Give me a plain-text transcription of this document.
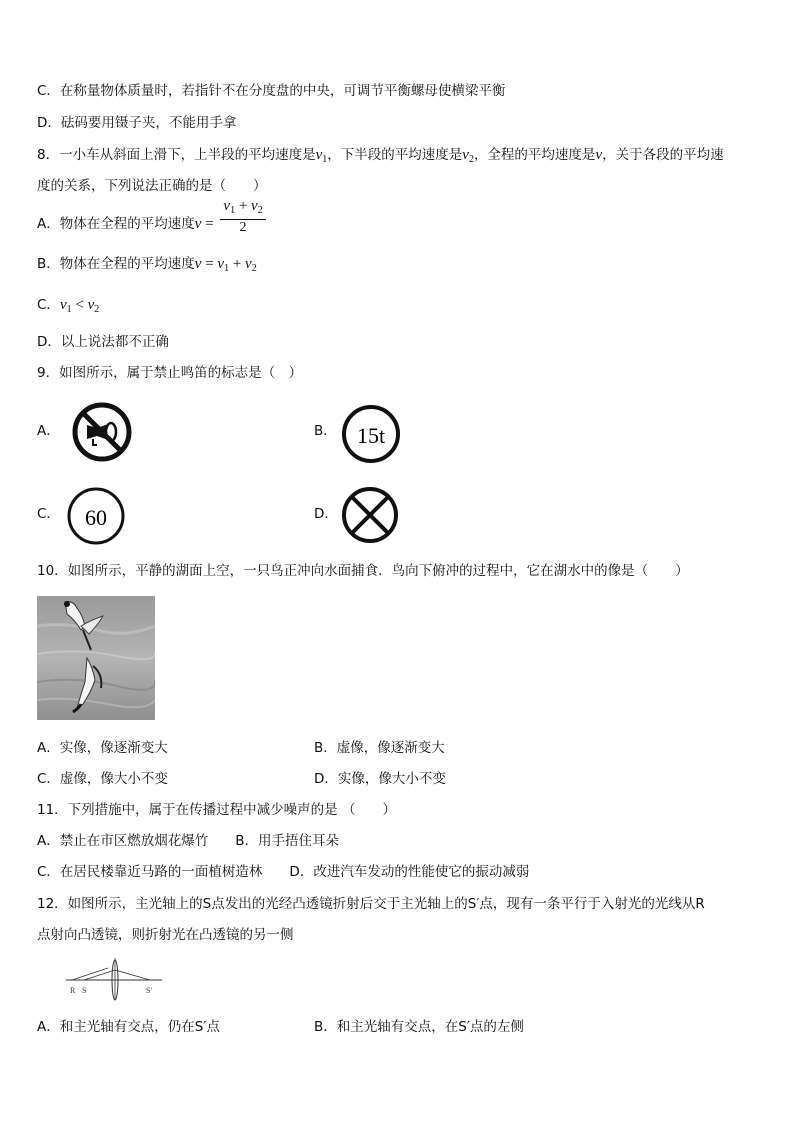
C．在称量物体质量时，若指针不在分度盘的中央，可调节平衡螺母使横梁平衡
D．砝码要用镊子夹，不能用手拿
8．一小车从斜面上滑下，上半段的平均速度是$v_1$，下半段的平均速度是$v_2$，全程的平均速度是v，关于各段的平均速
度的关系，下列说法正确的是（　　）
A．物体在全程的平均速度$v = \frac{v_1 + v_2}{2}$
B．物体在全程的平均速度$v = v_1 + v_2$
C．$v_1 < v_2$
D．以上说法都不正确
9．如图所示，属于禁止鸣笛的标志是（　）
A．	B． 15t
C． 60	D．
10．如图所示，平静的湖面上空，一只鸟正冲向水面捕食．鸟向下俯冲的过程中，它在湖水中的像是（　　）
A．实像，像逐渐变大	B．虚像，像逐渐变大
C．虚像，像大小不变	D．实像，像大小不变
11．下列措施中，属于在传播过程中减少噪声的是 （　　）
A．禁止在市区燃放烟花爆竹　　B．用手捂住耳朵
C．在居民楼靠近马路的一面植树造林　　D．改进汽车发动的性能使它的振动减弱
12．如图所示，主光轴上的S点发出的光经凸透镜折射后交于主光轴上的S′点，现有一条平行于入射光的光线从R
点射向凸透镜，则折射光在凸透镜的另一侧
R S	S′
A．和主光轴有交点，仍在S′点	B．和主光轴有交点，在S′点的左侧
